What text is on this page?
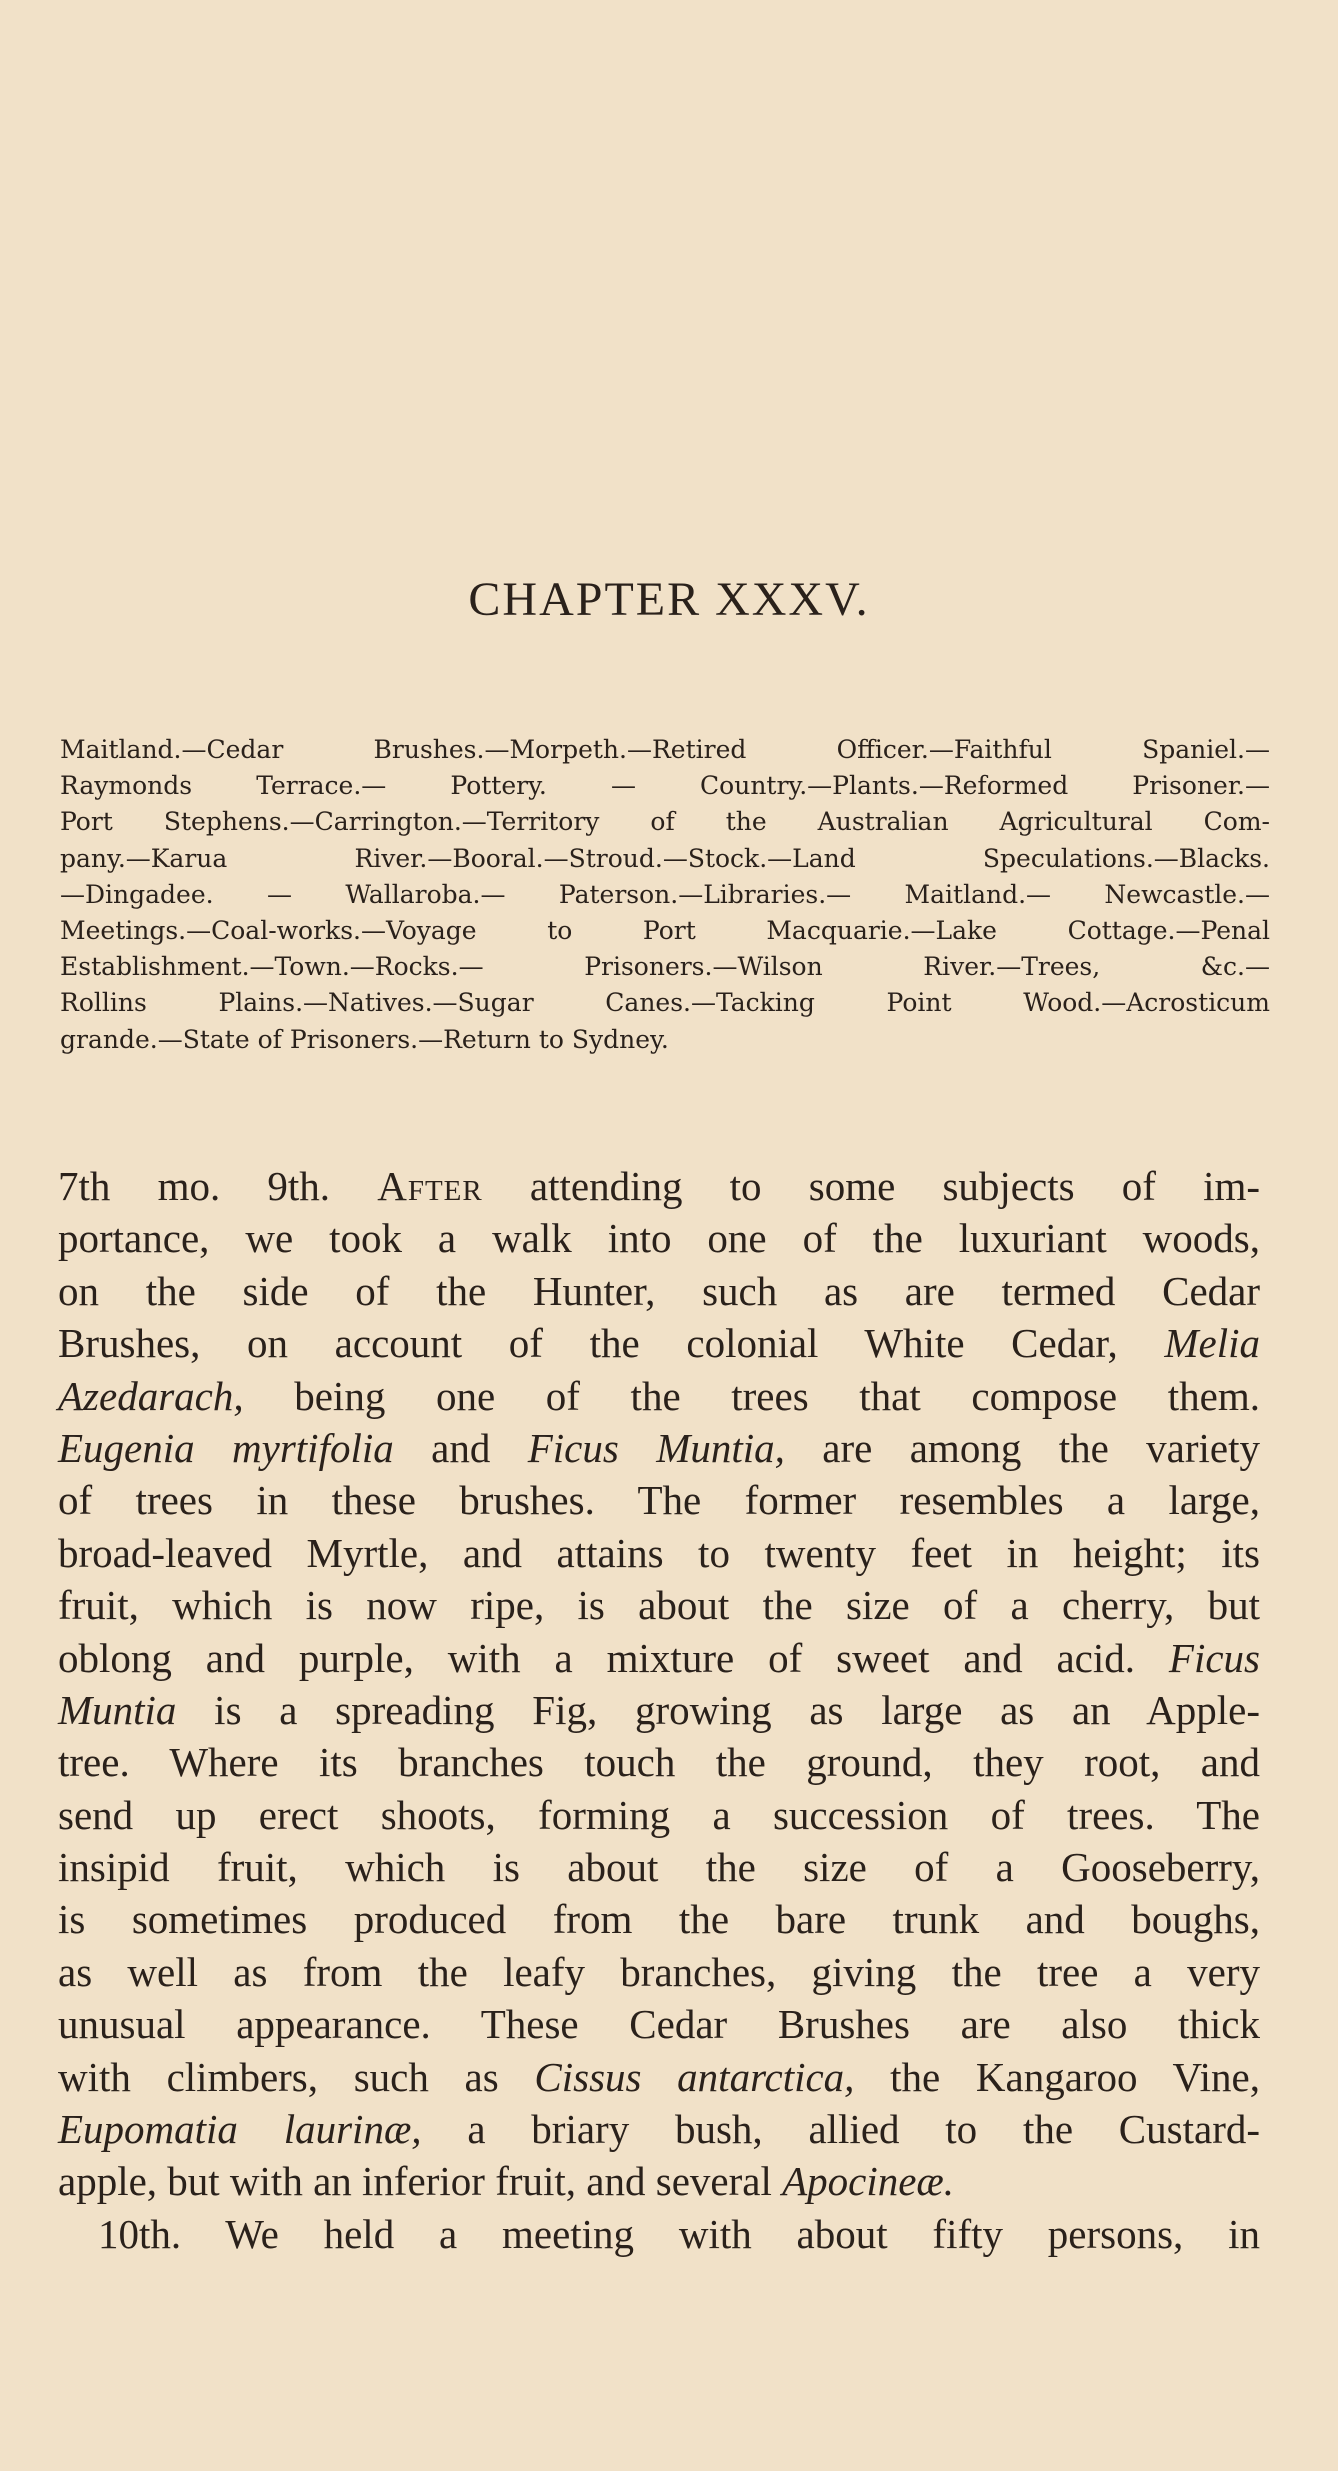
CHAPTER XXXV.
Maitland.—Cedar Brushes.—Morpeth.—Retired Officer.—Faithful Spaniel.—
Raymonds Terrace.— Pottery. — Country.—Plants.—Reformed Prisoner.—
Port Stephens.—Carrington.—Territory of the Australian Agricultural Com-
pany.—Karua River.—Booral.—Stroud.—Stock.—Land Speculations.—Blacks.
—Dingadee. — Wallaroba.— Paterson.—Libraries.— Maitland.— Newcastle.—
Meetings.—Coal-works.—Voyage to Port Macquarie.—Lake Cottage.—Penal
Establishment.—Town.—Rocks.— Prisoners.—Wilson River.—Trees, &c.—
Rollins Plains.—Natives.—Sugar Canes.—Tacking Point Wood.—Acrosticum
grande.—State of Prisoners.—Return to Sydney.
7th mo. 9th. After attending to some subjects of im-
portance, we took a walk into one of the luxuriant woods,
on the side of the Hunter, such as are termed Cedar
Brushes, on account of the colonial White Cedar, Melia
Azedarach, being one of the trees that compose them.
Eugenia myrtifolia and Ficus Muntia, are among the variety
of trees in these brushes. The former resembles a large,
broad-leaved Myrtle, and attains to twenty feet in height; its
fruit, which is now ripe, is about the size of a cherry, but
oblong and purple, with a mixture of sweet and acid. Ficus
Muntia is a spreading Fig, growing as large as an Apple-
tree. Where its branches touch the ground, they root, and
send up erect shoots, forming a succession of trees. The
insipid fruit, which is about the size of a Gooseberry,
is sometimes produced from the bare trunk and boughs,
as well as from the leafy branches, giving the tree a very
unusual appearance. These Cedar Brushes are also thick
with climbers, such as Cissus antarctica, the Kangaroo Vine,
Eupomatia laurinæ, a briary bush, allied to the Custard-
apple, but with an inferior fruit, and several Apocineæ.
10th. We held a meeting with about fifty persons, in
